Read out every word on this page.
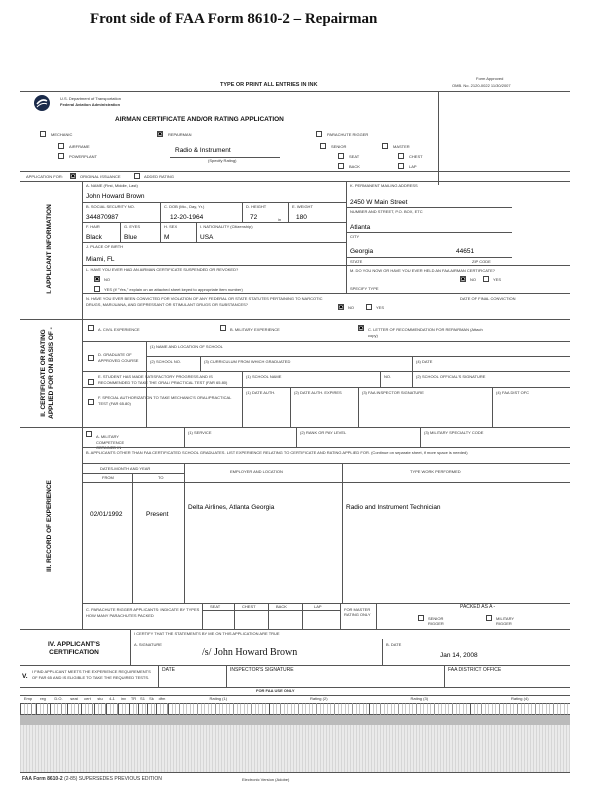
Front side of FAA Form 8610-2 – Repairman
TYPE OR PRINT ALL ENTRIES IN INK
Form Approved
OMB. No. 2120-0022 11/30/2007
U.S. Department of Transportation
Federal Aviation Administration
AIRMAN CERTIFICATE AND/OR RATING APPLICATION
MECHANIC ✖	REPAIRMAN	PARACHUTE RIGGER
AIRFRAME
POWERPLANT
Radio & Instrument
(Specify Rating)
SENIOR	MASTER
SEAT	CHEST
BACK	LAP
APPLICATION FOR: ✖	ORIGINAL ISSUANCE	ADDED RATING
I. APPLICANT INFORMATION
A. NAME (First, Middle, Last)
John Howard Brown
B. SOCIAL SECURITY NO.
344870987
C. DOB (Mo., Day, Yr.)
12-20-1964
D. HEIGHT
72	in
E. WEIGHT
180
F. HAIR
Black
G. EYES
Blue
H. SEX
M
I. NATIONALITY (Citizenship)
USA
J. PLACE OF BIRTH
Miami, FL
K. PERMANENT MAILING ADDRESS
2450 W Main Street
NUMBER AND STREET, P.O. BOX, ETC
Atlanta
CITY
Georgia	44651
STATE	ZIP CODE
L. HAVE YOU EVER HAD AN AIRMAN CERTIFICATE SUSPENDED OR REVOKED?
✖
NO
YES (If "Yes," explain on an attached sheet keyed to appropriate item number)
M. DO YOU NOW OR HAVE YOU EVER HELD AN FAA AIRMAN CERTIFICATE?
✖
NO	YES
SPECIFY TYPE
N. HAVE YOU EVER BEEN CONVICTED FOR VIOLATION OF ANY FEDERAL OR STATE STATUTES PERTAINING TO NARCOTIC DRUGS, MARIJUANA, AND DEPRESSANT OR STIMULANT DRUGS OR SUBSTANCES?
✖
NO	YES
DATE OF FINAL CONVICTION
II. CERTIFICATE OR RATING APPLIED FOR ON BASIS OF -	A. CIVIL EXPERIENCE	B. MILITARY EXPERIENCE ✖	C. LETTER OF RECOMMENDATION FOR REPAIRMAN (Attach copy)
D. GRADUATE OF APPROVED COURSE
(1) NAME AND LOCATION OF SCHOOL
(2) SCHOOL NO.	(3) CURRICULUM FROM WHICH GRADUATED	(4) DATE
E. STUDENT HAS MADE SATISFACTORY PROGRESS AND IS RECOMMENDED TO TAKE THE ORAL/ PRACTICAL TEST (FAR 65.80)
(1) SCHOOL NAME	NO.	(2) SCHOOL OFFICIAL'S SIGNATURE
F. SPECIAL AUTHORIZATION TO TAKE MECHANIC'S ORAL/PRACTICAL TEST (FAR 65.80)
(1) DATE AUTH.	(2) DATE AUTH. EXPIRES	(3) FAA INSPECTOR SIGNATURE	(4) FAA DIST OFC
III. RECORD OF EXPERIENCE
A. MILITARY COMPETENCE OBTAINED IN
(1) SERVICE	(2) RANK OR PAY LEVEL	(3) MILITARY SPECIALTY CODE
B. APPLICANTS OTHER THAN FAA CERTIFICATED SCHOOL GRADUATES. LIST EXPERIENCE RELATING TO CERTIFICATE AND RATING APPLIED FOR. (Continue on separate sheet, if more space is needed)
DATES-MONTH AND YEAR
EMPLOYER AND LOCATION	TYPE WORK PERFORMED
FROM	TO
02/01/1992	Present
Delta Airlines, Atlanta Georgia	Radio and Instrument Technician
C. PARACHUTE RIGGER APPLICANTS: INDICATE BY TYPES HOW MANY PARACHUTES PACKED
SEAT	CHEST	BACK	LAP
FOR MASTER RATING ONLY
PACKED AS A -
SENIOR RIGGER
MILITARY RIGGER
IV. APPLICANT'S CERTIFICATION
I CERTIFY THAT THE STATEMENTS BY ME ON THIS APPLICATION ARE TRUE
A. SIGNATURE
/s/ John Howard Brown
B. DATE
Jan 14, 2008
V.
I FIND APPLICANT MEETS THE EXPERIENCE REQUIREMENTS OF FAR 65 AND IS ELIGIBLE TO TAKE THE REQUIRED TESTS.
DATE	INSPECTOR'S SIGNATURE	FAA DISTRICT OFFICE
FOR FAA USE ONLY
Emp	reg	D.O.	seat	cert	stu	4-1	inv	TR S1	Sk	dfm	Rating (1)	Rating (2)	Rating (3)	Rating (4)
FAA Form 8610-2 (2-85) SUPERSEDES PREVIOUS EDITION	Electronic Version (Adobe)
